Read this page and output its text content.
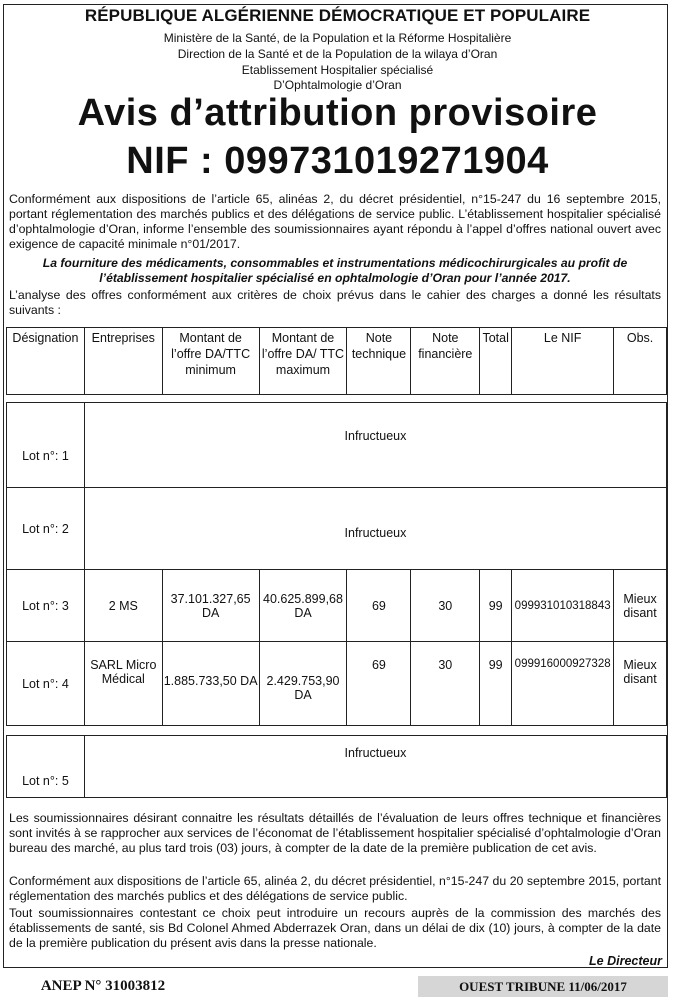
RÉPUBLIQUE ALGÉRIENNE DÉMOCRATIQUE ET POPULAIRE
Ministère de la Santé, de la Population et la Réforme Hospitalière
Direction de la Santé et de la Population de la wilaya d’Oran
Etablissement Hospitalier spécialisé
D’Ophtalmologie d’Oran
Avis d’attribution provisoire
NIF : 099731019271904
Conformément aux dispositions de l’article 65, alinéas 2, du décret présidentiel, n°15-247 du 16 septembre 2015, portant réglementation des marchés publics et des délégations de service public. L’établissement hospitalier spécialisé d’ophtalmologie d’Oran, informe l’ensemble des soumissionnaires ayant répondu à l’appel d’offres national ouvert avec exigence de capacité minimale n°01/2017.
La fourniture des médicaments, consommables et instrumentations médicochirurgicales au profit de l’établissement hospitalier spécialisé en ophtalmologie d’Oran pour l’année 2017.
L’analyse des offres conformément aux critères de choix prévus dans le cahier des charges a donné les résultats suivants :
Désignation	Entreprises	Montant de l’offre DA/TTC minimum	Montant de l’offre DA/ TTC maximum	Note technique	Note financière	Total	Le NIF	Obs.

Lot n°: 1	Infructueux							
Lot n°: 2	Infructueux							
Lot n°: 3	2 MS	37.101.327,65 DA	40.625.899,68 DA	69	30	99	099931010318843	Mieux disant
Lot n°: 4	SARL Micro Médical	1.885.733,50 DA	2.429.753,90 DA	69	30	99	099916000927328	Mieux disant

Lot n°: 5	Infructueux							
Les soumissionnaires désirant connaitre les résultats détaillés de l’évaluation de leurs offres technique et financières sont invités à se rapprocher aux services de l’économat de l’établissement hospitalier spécialisé d’ophtalmologie d’Oran bureau des marché, au plus tard trois (03) jours, à compter de la date de la première publication de cet avis.
Conformément aux dispositions de l’article 65, alinéa 2, du décret présidentiel, n°15-247 du 20 septembre 2015, portant réglementation des marchés publics et des délégations de service public.
Tout soumissionnaires contestant ce choix peut introduire un recours auprès de la commission des marchés des établissements de santé, sis Bd Colonel Ahmed Abderrazek Oran, dans un délai de dix (10) jours, à compter de la date de la première publication du présent avis dans la presse nationale.
Le Directeur
ANEP N° 31003812	OUEST TRIBUNE 11/06/2017
